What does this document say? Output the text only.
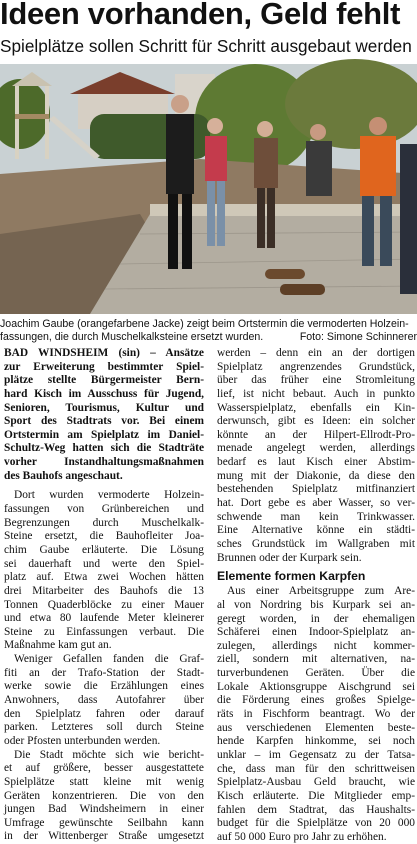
Ideen vorhanden, Geld fehlt
Spielplätze sollen Schritt für Schritt ausgebaut werden
Joachim Gaube (orangefarbene Jacke) zeigt beim Ortstermin die vermoderten Holzein-
fassungen, die durch Muschelkalksteine ersetzt wurden.	Foto: Simone Schinnerer
BAD WINDSHEIM (sin) – Ansätze
zur Erweiterung bestimmter Spiel-
plätze stellte Bürgermeister Bern-
hard Kisch im Ausschuss für Jugend,
Senioren, Tourismus, Kultur und
Sport des Stadtrats vor. Bei einem
Ortstermin am Spielplatz im Daniel-
Schultz-Weg hatten sich die Stadträte
vorher Instandhaltungsmaßnahmen
des Bauhofs angeschaut.
Dort wurden vermoderte Holzein-
fassungen von Grünbereichen und
Begrenzungen durch Muschelkalk-
Steine ersetzt, die Bauhofleiter Joa-
chim Gaube erläuterte. Die Lösung
sei dauerhaft und werte den Spiel-
platz auf. Etwa zwei Wochen hätten
drei Mitarbeiter des Bauhofs die 13
Tonnen Quaderblöcke zu einer Mauer
und etwa 80 laufende Meter kleinerer
Steine zu Einfassungen verbaut. Die
Maßnahme kam gut an.
Weniger Gefallen fanden die Graf-
fiti an der Trafo-Station der Stadt-
werke sowie die Erzählungen eines
Anwohners, dass Autofahrer über
den Spielplatz fahren oder darauf
parken. Letzteres soll durch Steine
oder Pfosten unterbunden werden.
Die Stadt möchte sich wie bericht-
et auf größere, besser ausgestattete
Spielplätze statt kleine mit wenig
Geräten konzentrieren. Die von den
jungen Bad Windsheimern in einer
Umfrage gewünschte Seilbahn kann
in der Wittenberger Straße umgesetzt
werden – denn ein an der dortigen
Spielplatz angrenzendes Grundstück,
über das früher eine Stromleitung
lief, ist nicht bebaut. Auch in punkto
Wasserspielplatz, ebenfalls ein Kin-
derwunsch, gibt es Ideen: ein solcher
könnte an der Hilpert-Ellrodt-Pro-
menade angelegt werden, allerdings
bedarf es laut Kisch einer Abstim-
mung mit der Diakonie, da diese den
bestehenden Spielplatz mitfinanziert
hat. Dort gebe es aber Wasser, so ver-
schwende man kein Trinkwasser.
Eine Alternative könne ein städti-
sches Grundstück im Wallgraben mit
Brunnen oder der Kurpark sein.
Elemente formen Karpfen
Aus einer Arbeitsgruppe zum Are-
al von Nordring bis Kurpark sei an-
geregt worden, in der ehemaligen
Schäferei einen Indoor-Spielplatz an-
zulegen, allerdings nicht kommer-
ziell, sondern mit alternativen, na-
turverbundenen Geräten. Über die
Lokale Aktionsgruppe Aischgrund sei
die Förderung eines großes Spielge-
räts in Fischform beantragt. Wo der
aus verschiedenen Elementen beste-
hende Karpfen hinkomme, sei noch
unklar – im Gegensatz zu der Tatsa-
che, dass man für den schrittweisen
Spielplatz-Ausbau Geld braucht, wie
Kisch erläuterte. Die Mitglieder emp-
fahlen dem Stadtrat, das Haushalts-
budget für die Spielplätze von 20 000
auf 50 000 Euro pro Jahr zu erhöhen.
